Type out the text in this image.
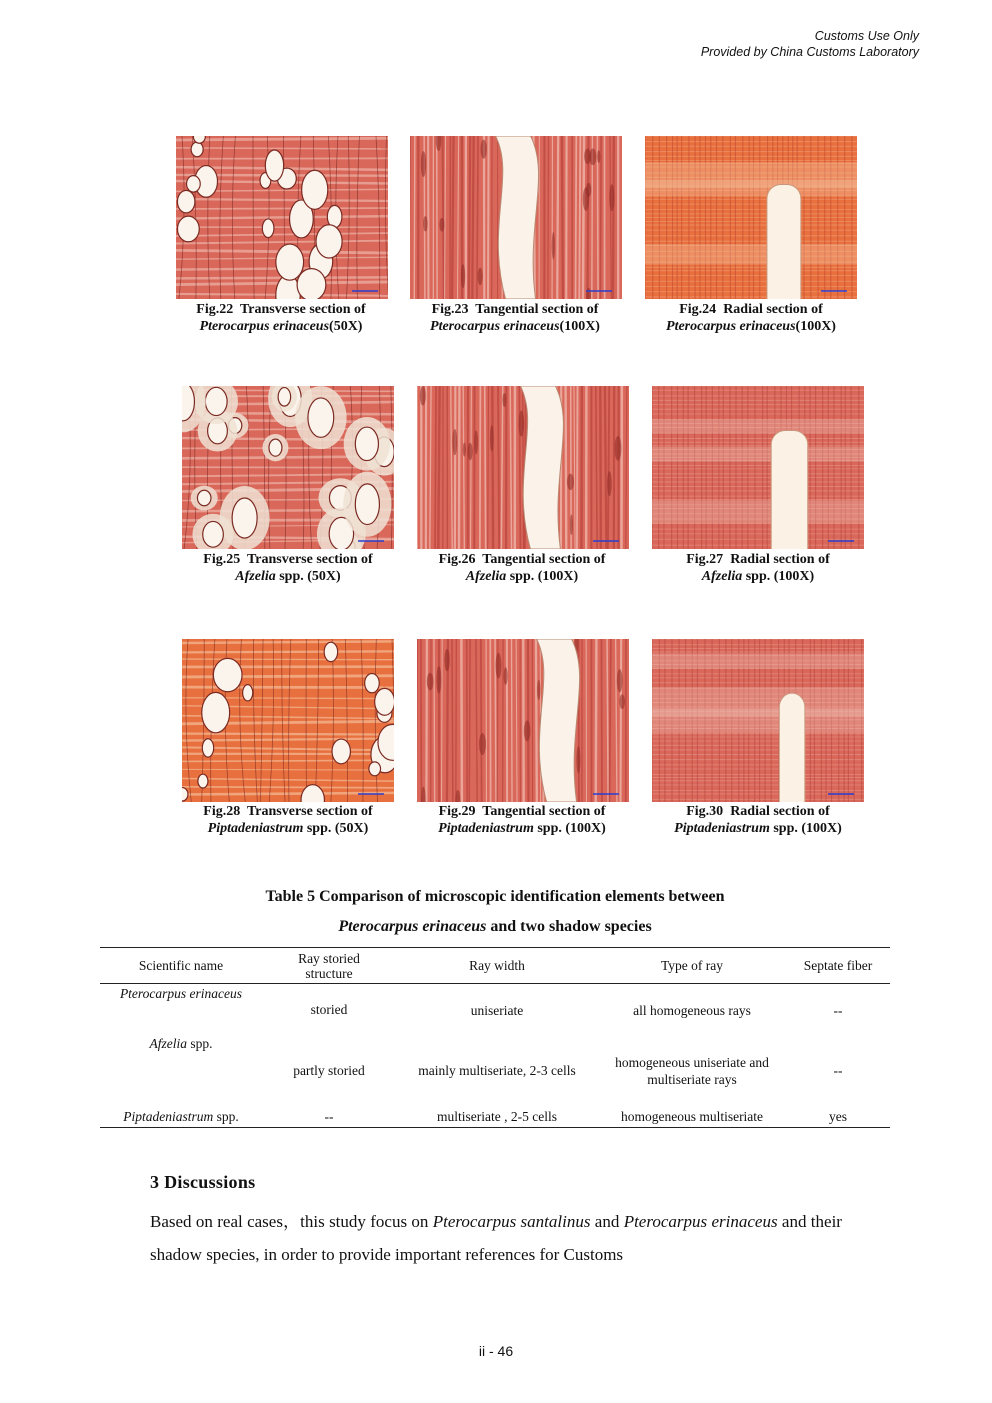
Customs Use Only
Provided by China Customs Laboratory
Fig.22 Transverse section of
Pterocarpus erinaceus(50X)
Fig.23 Tangential section of
Pterocarpus erinaceus(100X)
Fig.24 Radial section of
Pterocarpus erinaceus(100X)
Fig.25 Transverse section of
Afzelia spp. (50X)
Fig.26 Tangential section of
Afzelia spp. (100X)
Fig.27 Radial section of
Afzelia spp. (100X)
Fig.28 Transverse section of
Piptadeniastrum spp. (50X)
Fig.29 Tangential section of
Piptadeniastrum spp. (100X)
Fig.30 Radial section of
Piptadeniastrum spp. (100X)
Table 5 Comparison of microscopic identification elements between
Pterocarpus erinaceus and two shadow species
Scientific name	Ray storied structure	Ray width	Type of ray	Septate fiber
Pterocarpus erinaceus	storied	uniseriate	all homogeneous rays	--
Afzelia spp.	partly storied	mainly multiseriate, 2-3 cells	homogeneous uniseriate and multiseriate rays	--
Piptadeniastrum spp.	--	multiseriate , 2-5 cells	homogeneous multiseriate	yes
3 Discussions
Based on real cases，this study focus on Pterocarpus santalinus and Pterocarpus erinaceus and their shadow species, in order to provide important references for Customs
ii - 46
